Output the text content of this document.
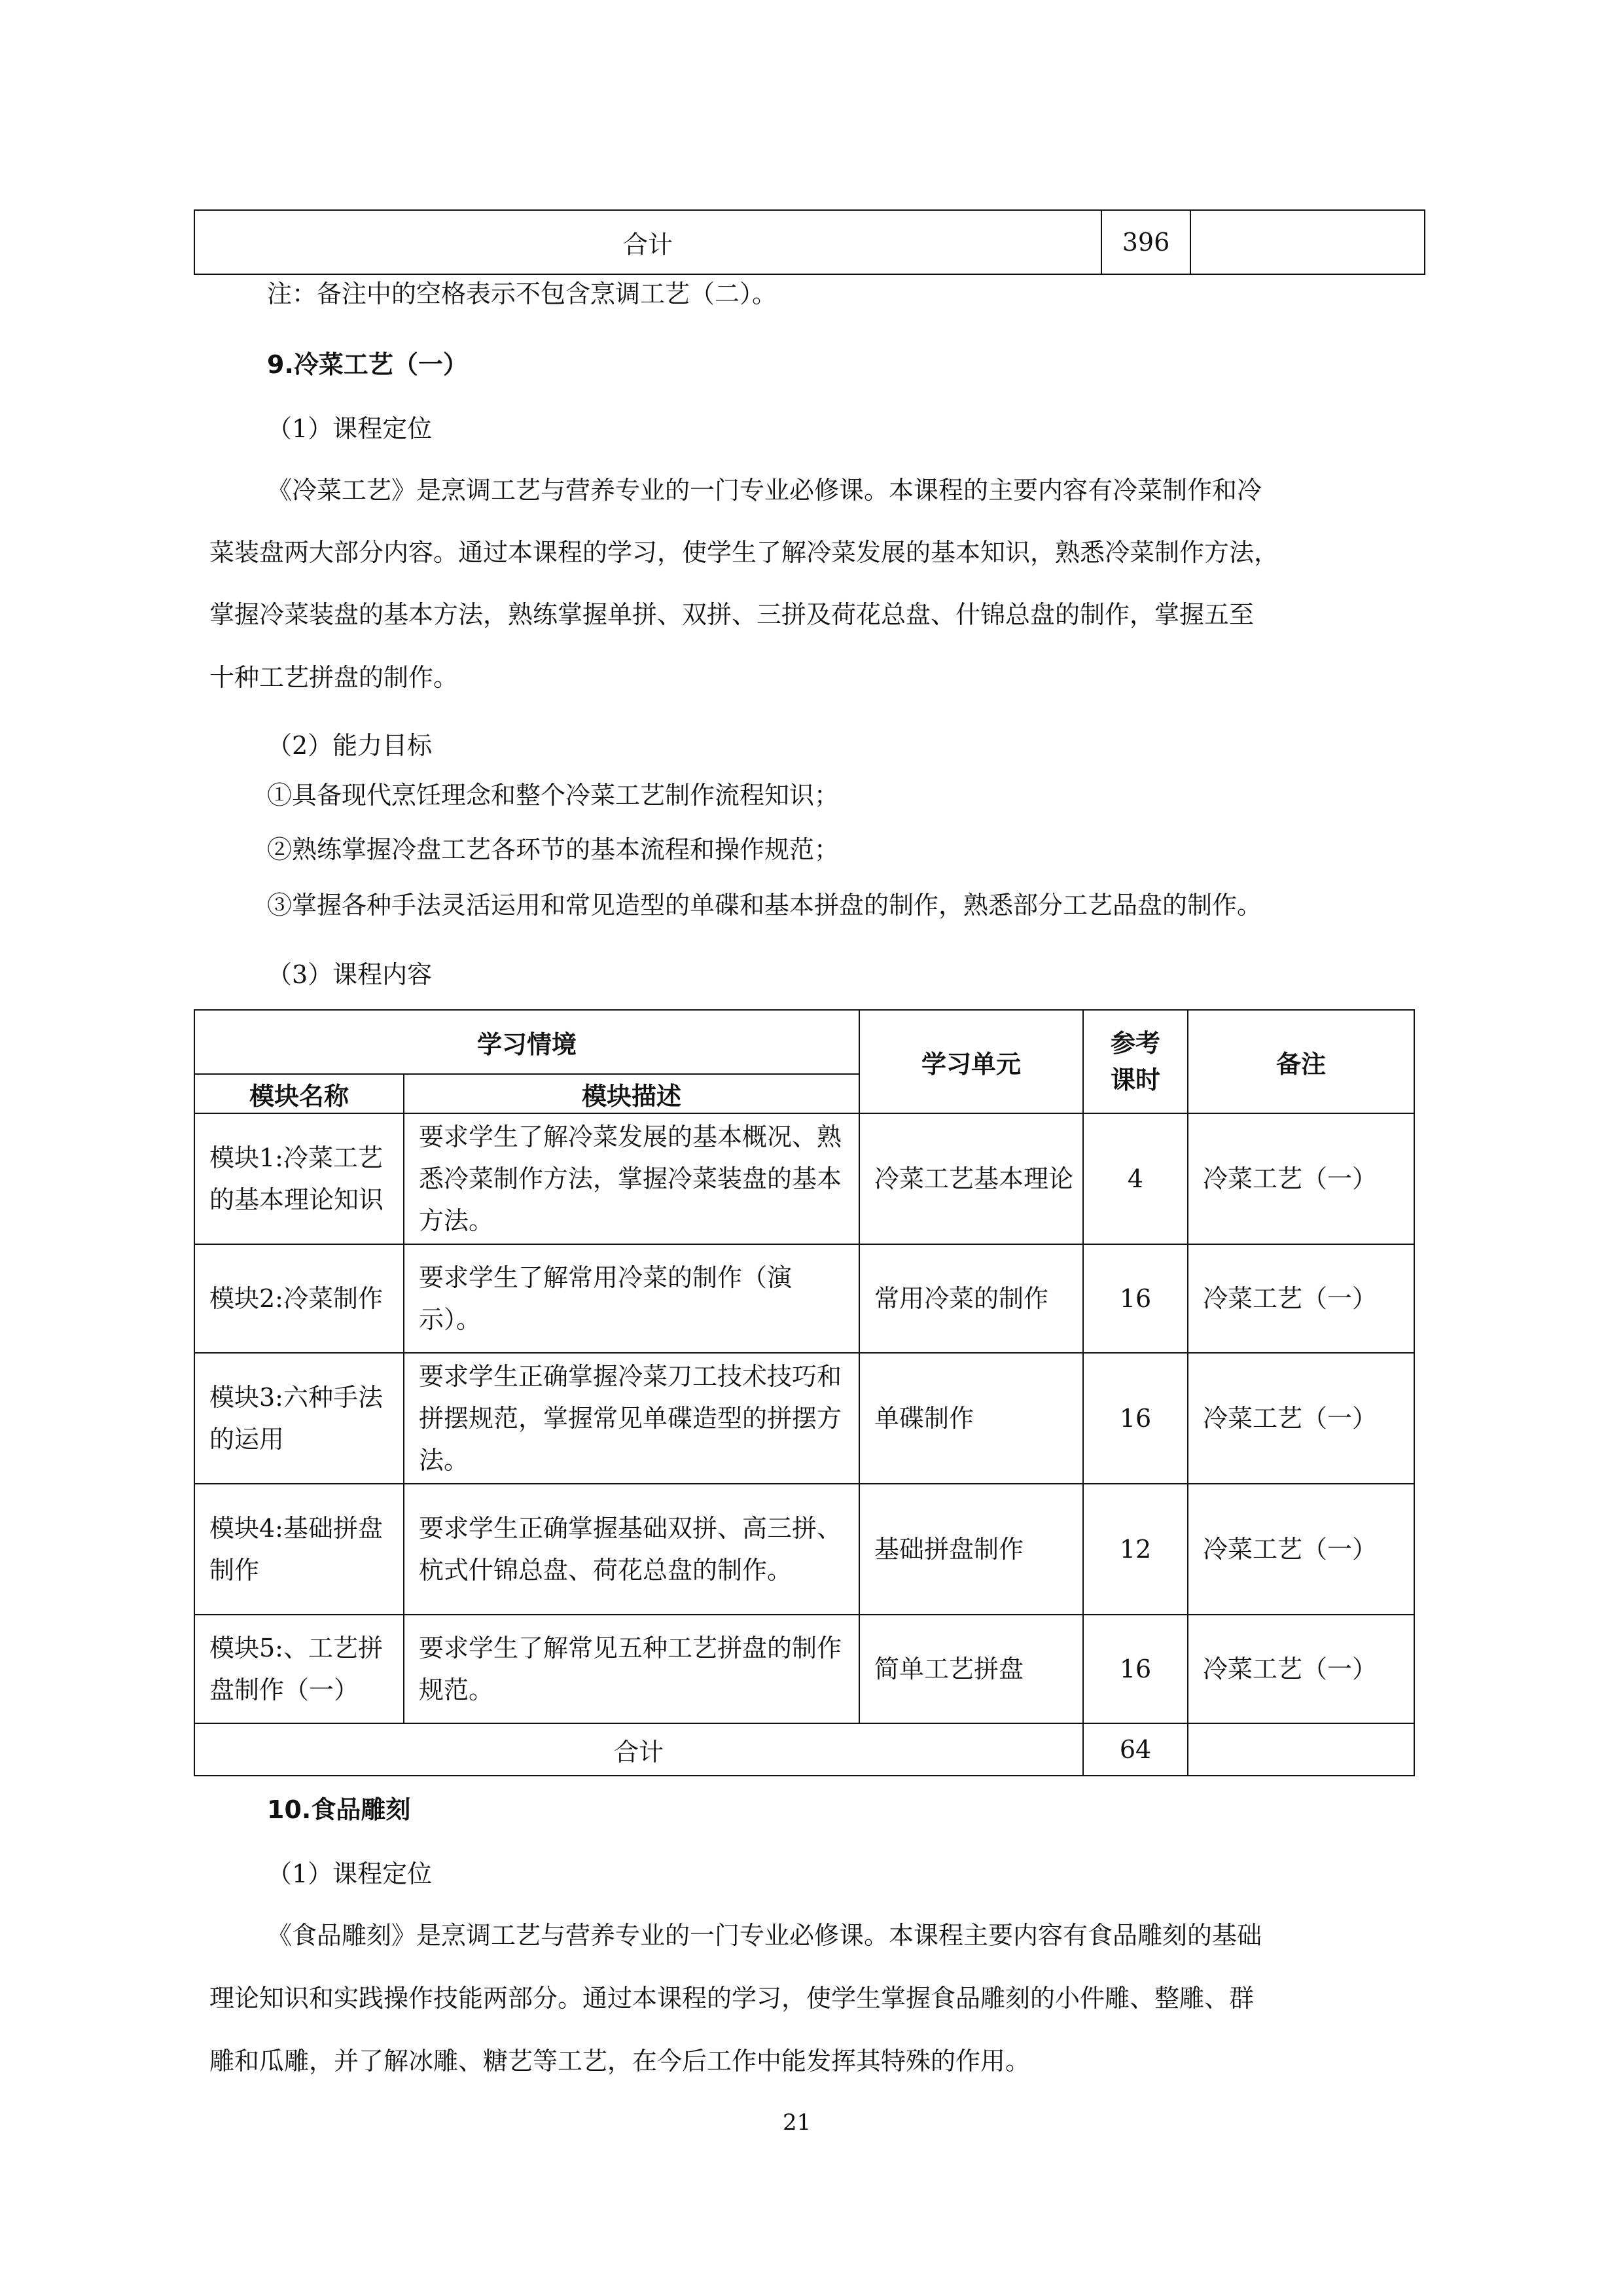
合计	396	
注：备注中的空格表示不包含烹调工艺（二）。
9.冷菜工艺（一）
（1）课程定位
《冷菜工艺》是烹调工艺与营养专业的一门专业必修课。本课程的主要内容有冷菜制作和冷
菜装盘两大部分内容。通过本课程的学习，使学生了解冷菜发展的基本知识，熟悉冷菜制作方法，
掌握冷菜装盘的基本方法，熟练掌握单拼、双拼、三拼及荷花总盘、什锦总盘的制作，掌握五至
十种工艺拼盘的制作。
（2）能力目标
①具备现代烹饪理念和整个冷菜工艺制作流程知识；
②熟练掌握冷盘工艺各环节的基本流程和操作规范；
③掌握各种手法灵活运用和常见造型的单碟和基本拼盘的制作，熟悉部分工艺品盘的制作。
（3）课程内容
学习情境		学习单元	参考课时	备注
模块名称	模块描述			
模块1:冷菜工艺的基本理论知识	要求学生了解冷菜发展的基本概况、熟悉冷菜制作方法，掌握冷菜装盘的基本方法。	冷菜工艺基本理论	4	冷菜工艺（一）
模块2:冷菜制作	要求学生了解常用冷菜的制作（演示）。	常用冷菜的制作	16	冷菜工艺（一）
模块3:六种手法的运用	要求学生正确掌握冷菜刀工技术技巧和拼摆规范，掌握常见单碟造型的拼摆方法。	单碟制作	16	冷菜工艺（一）
模块4:基础拼盘制作	要求学生正确掌握基础双拼、高三拼、杭式什锦总盘、荷花总盘的制作。	基础拼盘制作	12	冷菜工艺（一）
模块5:、工艺拼盘制作（一）	要求学生了解常见五种工艺拼盘的制作规范。	简单工艺拼盘	16	冷菜工艺（一）
合计			64	
10.食品雕刻
（1）课程定位
《食品雕刻》是烹调工艺与营养专业的一门专业必修课。本课程主要内容有食品雕刻的基础
理论知识和实践操作技能两部分。通过本课程的学习，使学生掌握食品雕刻的小件雕、整雕、群
雕和瓜雕，并了解冰雕、糖艺等工艺，在今后工作中能发挥其特殊的作用。
21
